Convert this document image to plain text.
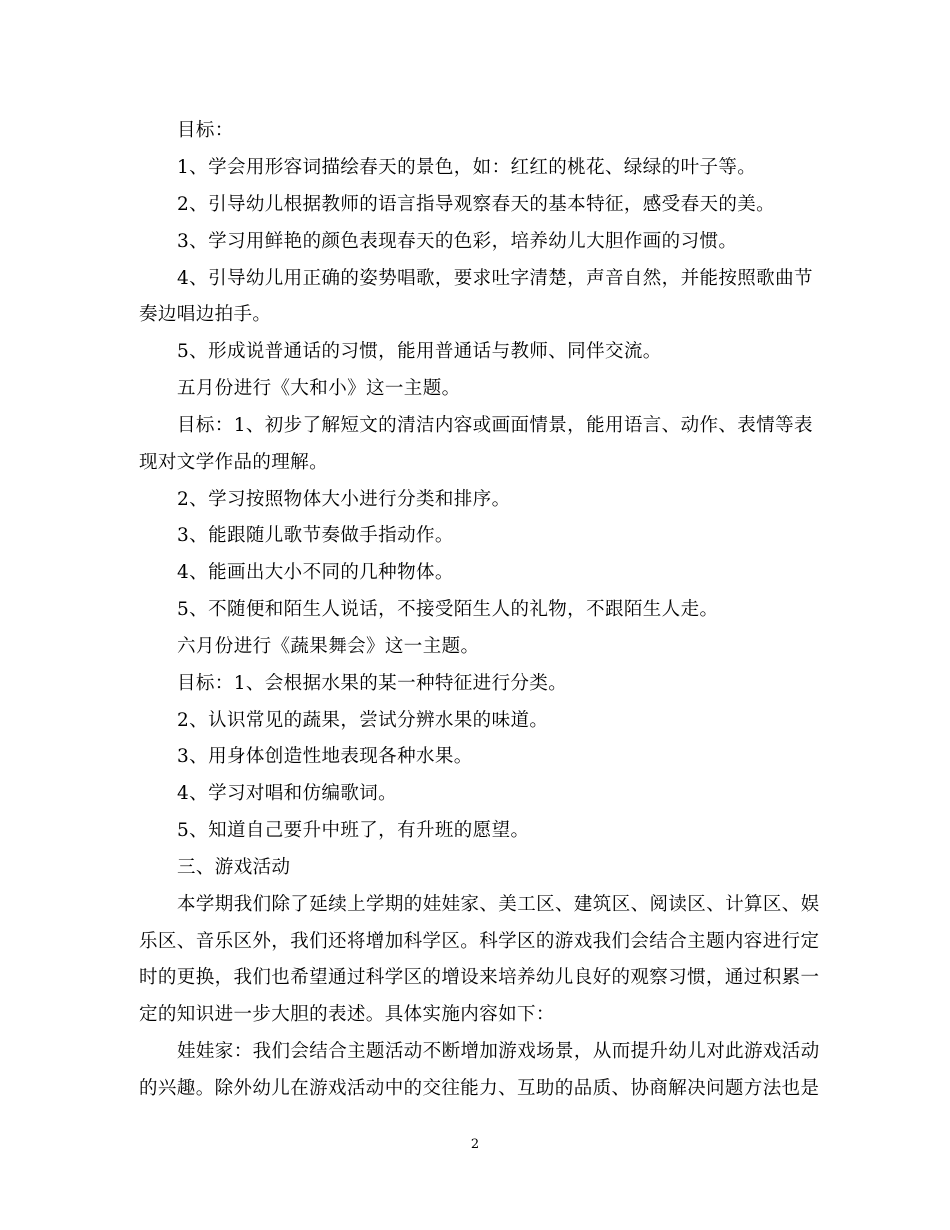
目标：
1、学会用形容词描绘春天的景色，如：红红的桃花、绿绿的叶子等。
2、引导幼儿根据教师的语言指导观察春天的基本特征，感受春天的美。
3、学习用鲜艳的颜色表现春天的色彩，培养幼儿大胆作画的习惯。
4、引导幼儿用正确的姿势唱歌，要求吐字清楚，声音自然，并能按照歌曲节
奏边唱边拍手。
5、形成说普通话的习惯，能用普通话与教师、同伴交流。
五月份进行《大和小》这一主题。
目标：1、初步了解短文的清洁内容或画面情景，能用语言、动作、表情等表
现对文学作品的理解。
2、学习按照物体大小进行分类和排序。
3、能跟随儿歌节奏做手指动作。
4、能画出大小不同的几种物体。
5、不随便和陌生人说话，不接受陌生人的礼物，不跟陌生人走。
六月份进行《蔬果舞会》这一主题。
目标：1、会根据水果的某一种特征进行分类。
2、认识常见的蔬果，尝试分辨水果的味道。
3、用身体创造性地表现各种水果。
4、学习对唱和仿编歌词。
5、知道自己要升中班了，有升班的愿望。
三、游戏活动
本学期我们除了延续上学期的娃娃家、美工区、建筑区、阅读区、计算区、娱
乐区、音乐区外，我们还将增加科学区。科学区的游戏我们会结合主题内容进行定
时的更换，我们也希望通过科学区的增设来培养幼儿良好的观察习惯，通过积累一
定的知识进一步大胆的表述。具体实施内容如下：
娃娃家：我们会结合主题活动不断增加游戏场景，从而提升幼儿对此游戏活动
的兴趣。除外幼儿在游戏活动中的交往能力、互助的品质、协商解决问题方法也是
2
